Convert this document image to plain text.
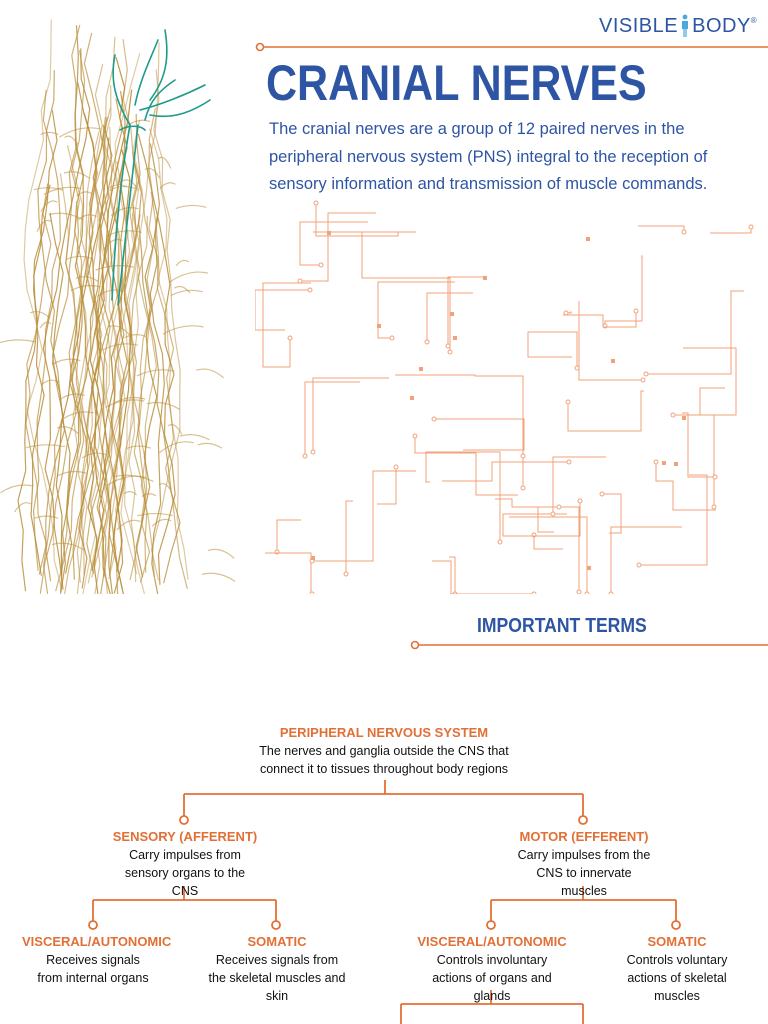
VISIBLE BODY ®
CRANIAL NERVES

The cranial nerves are a group of 12 paired nerves in the peripheral nervous system (PNS) integral to the reception of sensory information and transmission of muscle commands.

IMPORTANT TERMS
PERIPHERAL NERVOUS SYSTEM
The nerves and ganglia outside the CNS that connect it to tissues throughout body regions
SENSORY (AFFERENT)
Carry impulses from sensory organs to the CNS
MOTOR (EFFERENT)
Carry impulses from the CNS to innervate muscles
VISCERAL/AUTONOMIC
Receives signals from internal organs
SOMATIC
Receives signals from the skeletal muscles and skin
VISCERAL/AUTONOMIC
Controls involuntary actions of organs and glands
SOMATIC
Controls voluntary actions of skeletal muscles
